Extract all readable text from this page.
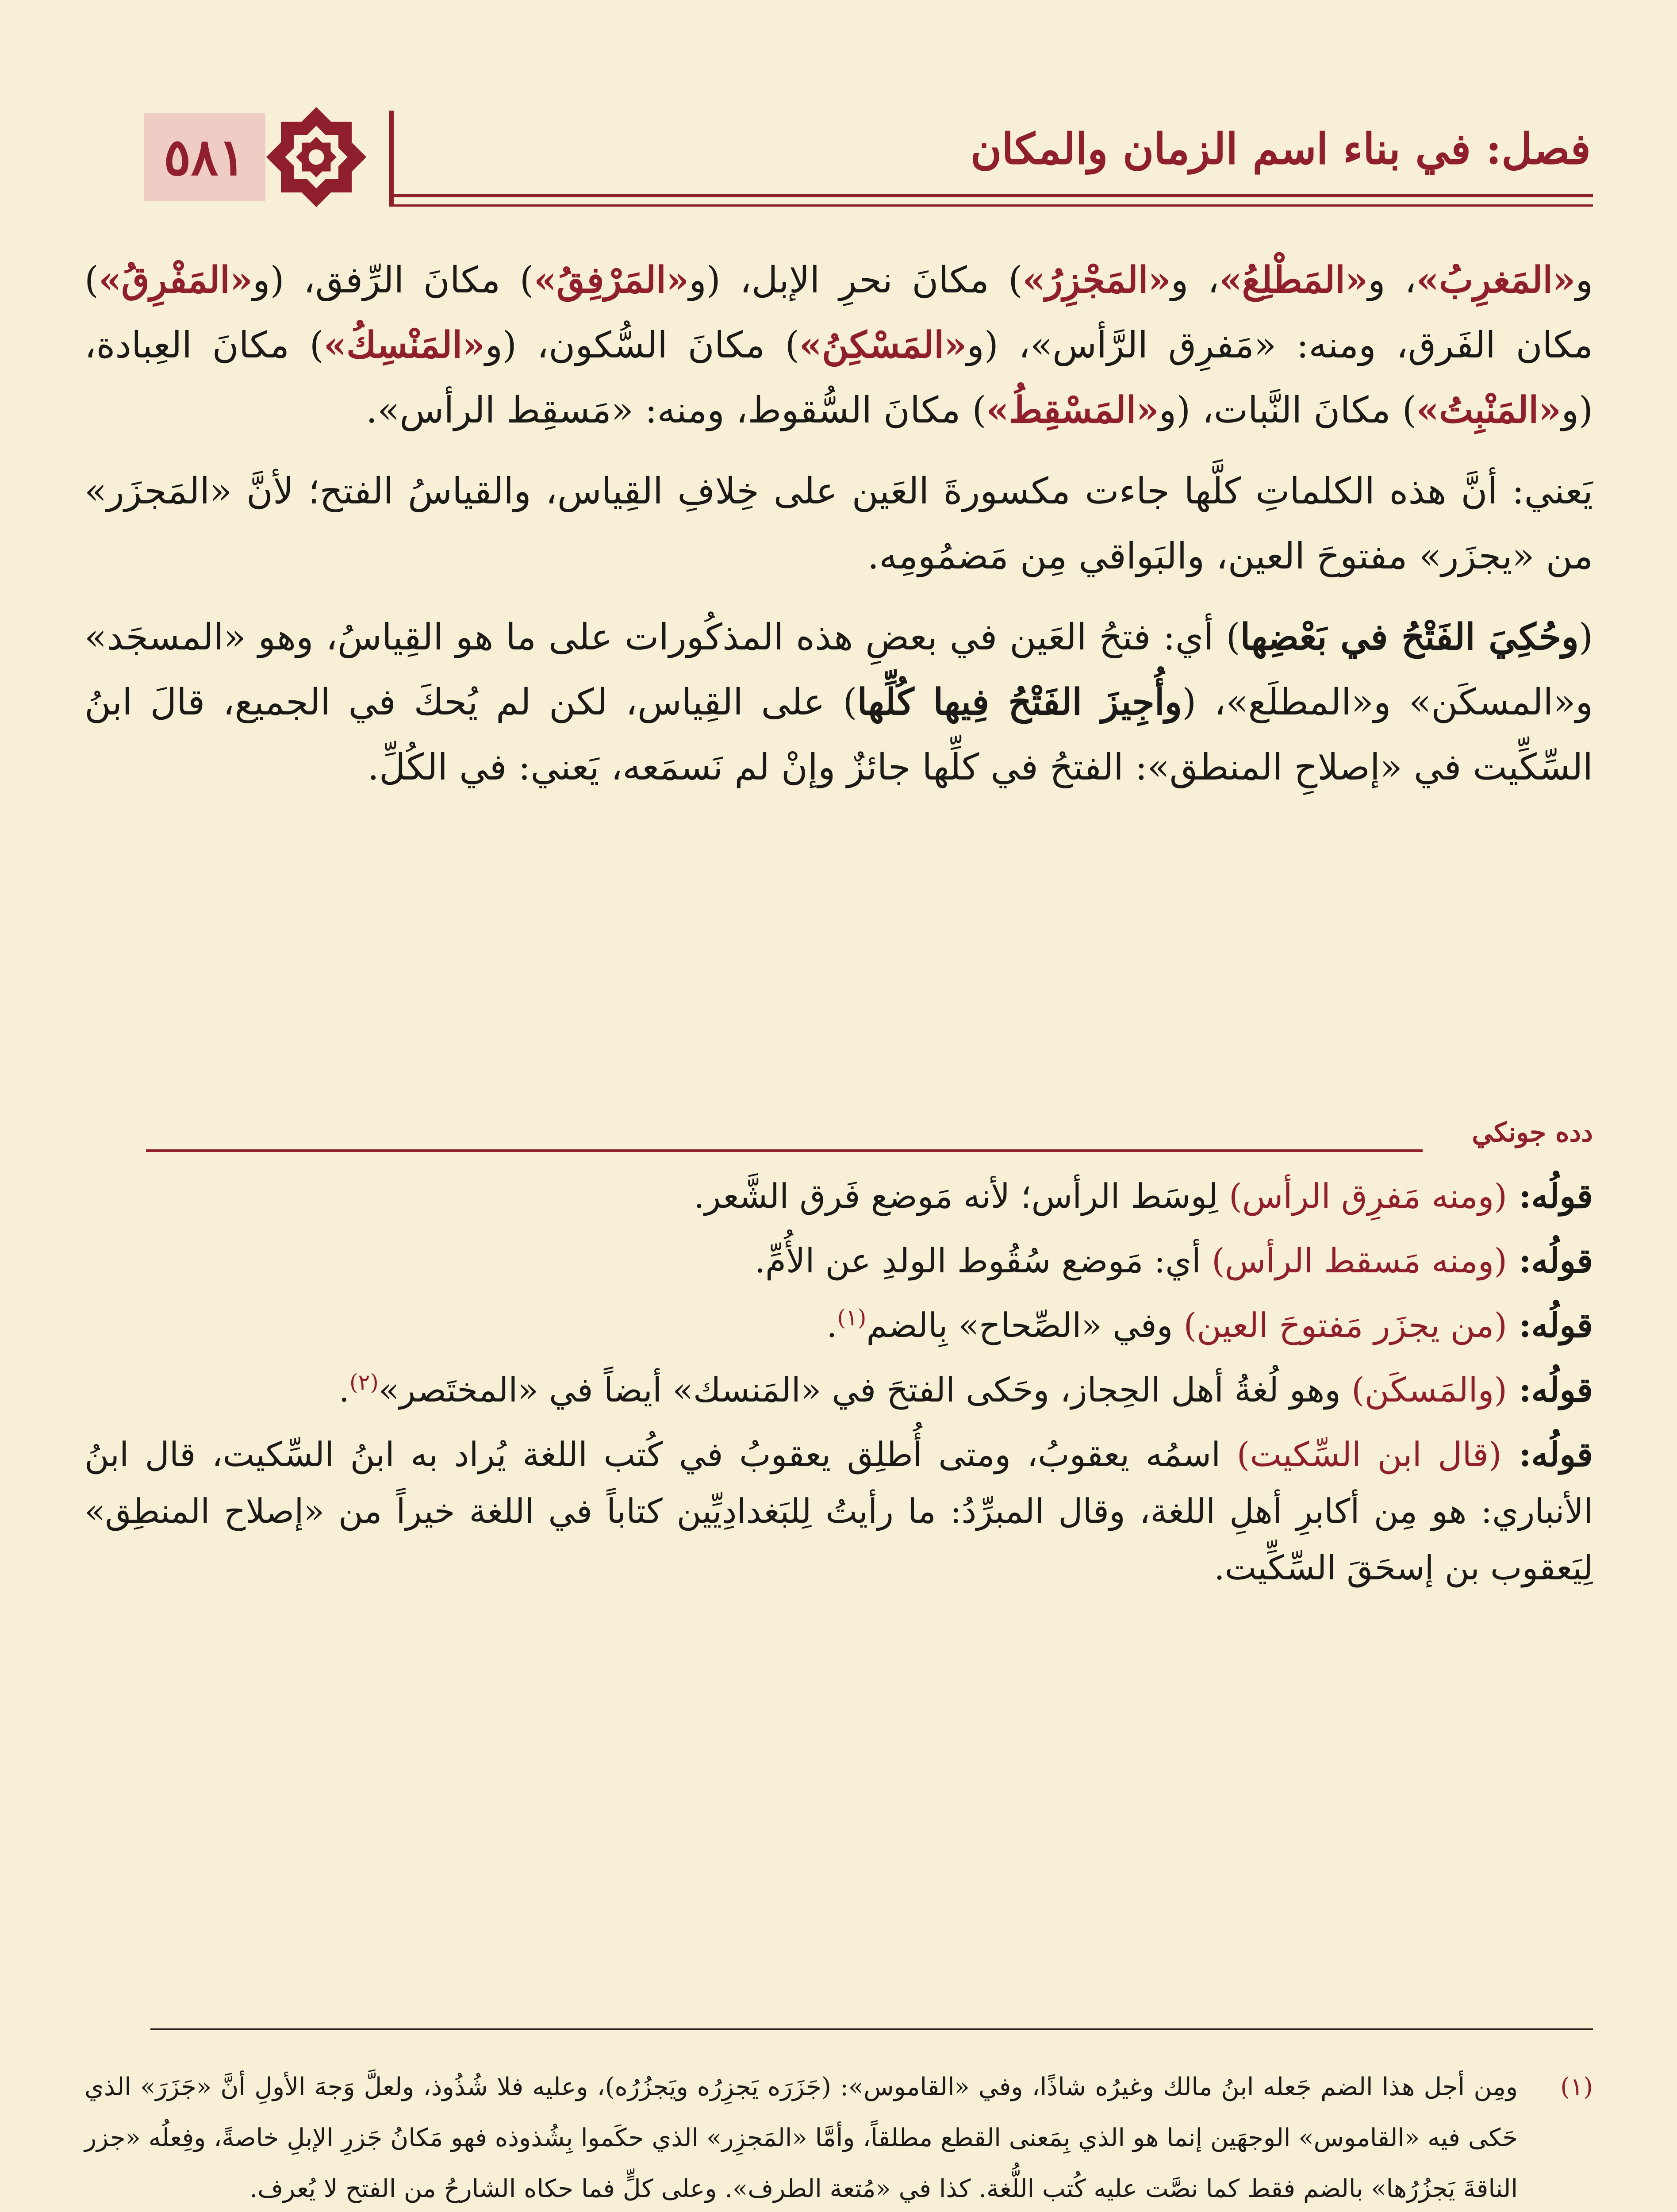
٥٨١	فصل: في بناء اسم الزمان والمكان

و«المَغرِبُ»، و«المَطْلِعُ»، و«المَجْزِرُ») مكانَ نحرِ الإبل، (و«المَرْفِقُ») مكانَ الرِّفق، (و«المَفْرِقُ») مكان الفَرق، ومنه: «مَفرِق الرَّأس»، (و«المَسْكِنُ») مكانَ السُّكون، (و«المَنْسِكُ») مكانَ العِبادة، (و«المَنْبِتُ») مكانَ النَّبات، (و«المَسْقِطُ») مكانَ السُّقوط، ومنه: «مَسقِط الرأس».

يَعني: أنَّ هذه الكلماتِ كلَّها جاءت مكسورةَ العَين على خِلافِ القِياس، والقياسُ الفتح؛ لأنَّ «المَجزَر» من «يجزَر» مفتوحَ العين، والبَواقي مِن مَضمُومِه.

(وحُكِيَ الفَتْحُ في بَعْضِها) أي: فتحُ العَين في بعضِ هذه المذكُورات على ما هو القِياسُ، وهو «المسجَد» و«المسكَن» و«المطلَع»، (وأُجِيزَ الفَتْحُ فِيها كُلِّها) على القِياس، لكن لم يُحكَ في الجميع، قالَ ابنُ السِّكِّيت في «إصلاحِ المنطق»: الفتحُ في كلِّها جائزٌ وإنْ لم نَسمَعه، يَعني: في الكُلِّ.

ددە جونكي

قولُه: (ومنه مَفرِق الرأس) لِوسَط الرأس؛ لأنه مَوضع فَرق الشَّعر.

قولُه: (ومنه مَسقط الرأس) أي: مَوضع سُقُوط الولدِ عن الأُمِّ.

قولُه: (من يجزَر مَفتوحَ العين) وفي «الصِّحاح» بِالضم$^{(١)}$.

قولُه: (والمَسكَن) وهو لُغةُ أهل الحِجاز، وحَكى الفتحَ في «المَنسك» أيضاً في «المختَصر»$^{(٢)}$.

قولُه: (قال ابن السِّكيت) اسمُه يعقوبُ، ومتى أُطلِق يعقوبُ في كُتب اللغة يُراد به ابنُ السِّكيت، قال ابنُ الأنباري: هو مِن أكابرِ أهلِ اللغة، وقال المبرِّدُ: ما رأيتُ لِلبَغدادِيِّين كتاباً في اللغة خيراً من «إصلاح المنطِق» لِيَعقوب بن إسحَقَ السِّكِّيت.

(١)
ومِن أجل هذا الضم جَعله ابنُ مالك وغيرُه شاذًا، وفي «القاموس»: (جَزَرَه يَجزِرُه ويَجزُرُه)، وعليه فلا شُذُوذ، ولعلَّ وَجهَ الأولِ أنَّ «جَزَرَ» الذي حَكى فيه «القاموس» الوجهَين إنما هو الذي بِمَعنى القطع مطلقاً، وأمَّا «المَجزِر» الذي حكَموا بِشُذوذه فهو مَكانُ جَزرِ الإبلِ خاصةً، وفِعلُه «جزر الناقةَ يَجزُرُها» بالضم فقط كما نصَّت عليه كُتب اللُّغة. كذا في «مُتعة الطرف». وعلى كلٍّ فما حكاه الشارحُ من الفتح لا يُعرف.
